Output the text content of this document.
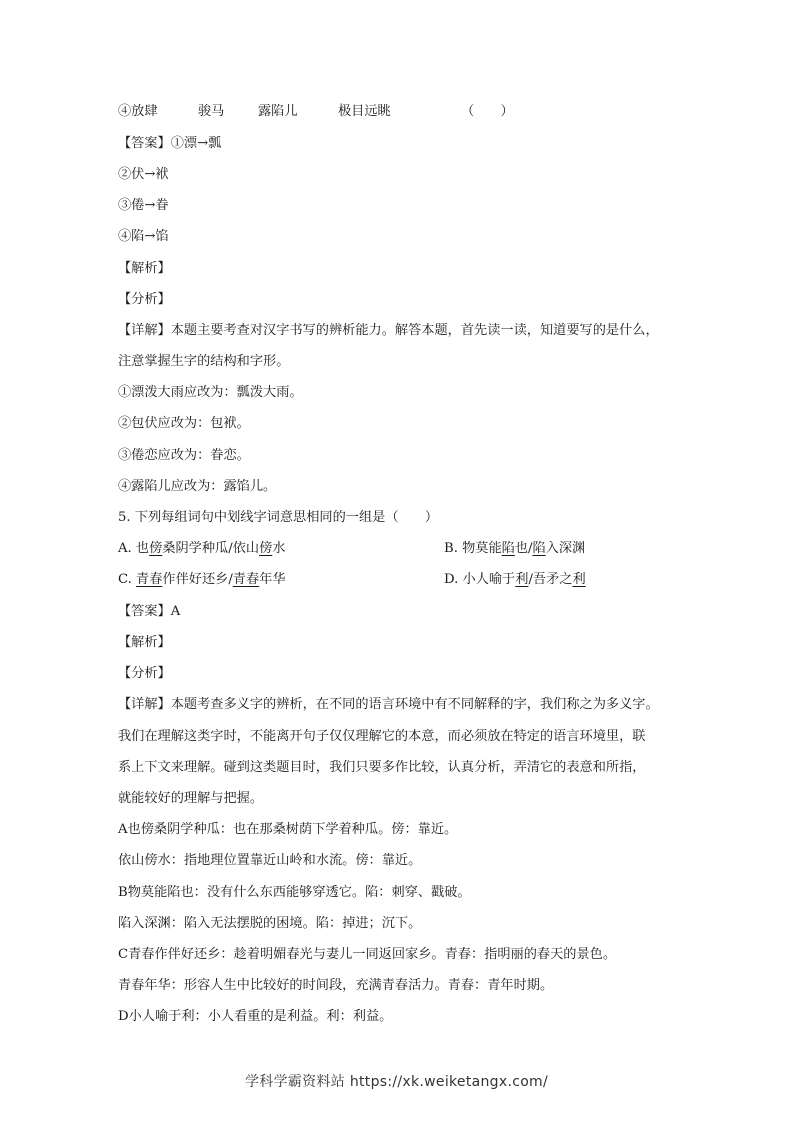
④放肆	骏马	露陷儿	极目远眺	（　　）
【答案】①漂→瓢
②伏→袱
③倦→眷
④陷→馅
【解析】
【分析】
【详解】本题主要考查对汉字书写的辨析能力。解答本题，首先读一读，知道要写的是什么，
注意掌握生字的结构和字形。
①漂泼大雨应改为：瓢泼大雨。
②包伏应改为：包袱。
③倦恋应改为：眷恋。
④露陷儿应改为：露馅儿。
5. 下列每组词句中划线字词意思相同的一组是（　　）
A. 也傍桑阴学种瓜/依山傍水	B. 物莫能陷也/陷入深渊
C. 青春作伴好还乡/青春年华	D. 小人喻于利/吾矛之利
【答案】A
【解析】
【分析】
【详解】本题考查多义字的辨析，在不同的语言环境中有不同解释的字，我们称之为多义字。
我们在理解这类字时，不能离开句子仅仅理解它的本意，而必须放在特定的语言环境里，联
系上下文来理解。碰到这类题目时，我们只要多作比较，认真分析，弄清它的表意和所指，
就能较好的理解与把握。
A也傍桑阴学种瓜：也在那桑树荫下学着种瓜。傍：靠近。
依山傍水：指地理位置靠近山岭和水流。傍：靠近。
B物莫能陷也：没有什么东西能够穿透它。陷：刺穿、戳破。
陷入深渊：陷入无法摆脱的困境。陷：掉进；沉下。
C青春作伴好还乡：趁着明媚春光与妻儿一同返回家乡。青春：指明丽的春天的景色。
青春年华：形容人生中比较好的时间段，充满青春活力。青春：青年时期。
D小人喻于利：小人看重的是利益。利：利益。
学科学霸资料站 https://xk.weiketangx.com/
